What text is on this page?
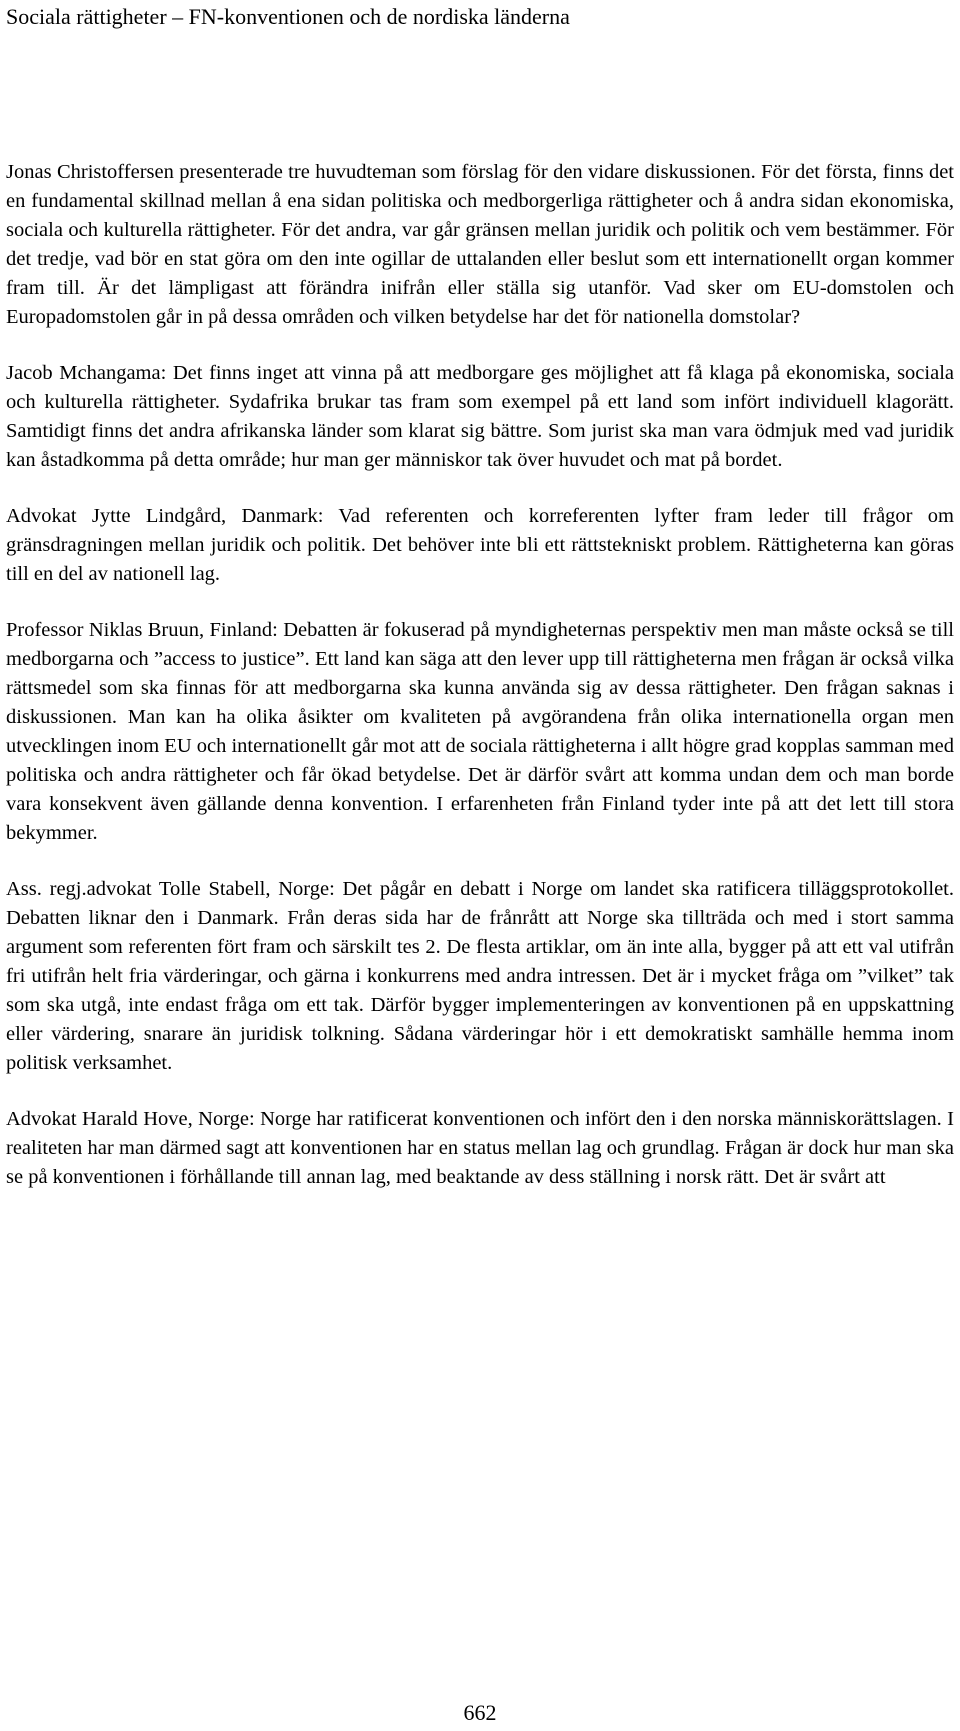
Sociala rättigheter – FN-konventionen och de nordiska länderna

Jonas Christoffersen presenterade tre huvudteman som förslag för den vidare diskussionen. För det första, finns det en fundamental skillnad mellan å ena sidan politiska och medborgerliga rättigheter och å andra sidan ekonomiska, sociala och kulturella rättigheter. För det andra, var går gränsen mellan juridik och politik och vem bestämmer. För det tredje, vad bör en stat göra om den inte ogillar de uttalanden eller beslut som ett internationellt organ kommer fram till. Är det lämpligast att förändra inifrån eller ställa sig utanför. Vad sker om EU-domstolen och Europadomstolen går in på dessa områden och vilken betydelse har det för nationella domstolar?

Jacob Mchangama: Det finns inget att vinna på att medborgare ges möjlighet att få klaga på ekonomiska, sociala och kulturella rättigheter. Sydafrika brukar tas fram som exempel på ett land som infört individuell klagorätt. Samtidigt finns det andra afrikanska länder som klarat sig bättre. Som jurist ska man vara ödmjuk med vad juridik kan åstadkomma på detta område; hur man ger människor tak över huvudet och mat på bordet.

Advokat Jytte Lindgård, Danmark: Vad referenten och korreferenten lyfter fram leder till frågor om gränsdragningen mellan juridik och politik. Det behöver inte bli ett rättstekniskt problem. Rättigheterna kan göras till en del av nationell lag.

Professor Niklas Bruun, Finland: Debatten är fokuserad på myndigheternas perspektiv men man måste också se till medborgarna och ”access to justice”. Ett land kan säga att den lever upp till rättigheterna men frågan är också vilka rättsmedel som ska finnas för att medborgarna ska kunna använda sig av dessa rättigheter. Den frågan saknas i diskussionen. Man kan ha olika åsikter om kvaliteten på avgörandena från olika internationella organ men utvecklingen inom EU och internationellt går mot att de sociala rättigheterna i allt högre grad kopplas samman med politiska och andra rättigheter och får ökad betydelse. Det är därför svårt att komma undan dem och man borde vara konsekvent även gällande denna konvention. I erfarenheten från Finland tyder inte på att det lett till stora bekymmer.

Ass. regj.advokat Tolle Stabell, Norge: Det pågår en debatt i Norge om landet ska ratificera tilläggsprotokollet. Debatten liknar den i Danmark. Från deras sida har de frånrått att Norge ska tillträda och med i stort samma argument som referenten fört fram och särskilt tes 2. De flesta artiklar, om än inte alla, bygger på att ett val utifrån fri utifrån helt fria värderingar, och gärna i konkurrens med andra intressen. Det är i mycket fråga om ”vilket” tak som ska utgå, inte endast fråga om ett tak. Därför bygger implementeringen av konventionen på en uppskattning eller värdering, snarare än juridisk tolkning. Sådana värderingar hör i ett demokratiskt samhälle hemma inom politisk verksamhet.

Advokat Harald Hove, Norge: Norge har ratificerat konventionen och infört den i den norska människorättslagen. I realiteten har man därmed sagt att konventionen har en status mellan lag och grundlag. Frågan är dock hur man ska se på konventionen i förhållande till annan lag, med beaktande av dess ställning i norsk rätt. Det är svårt att

662
